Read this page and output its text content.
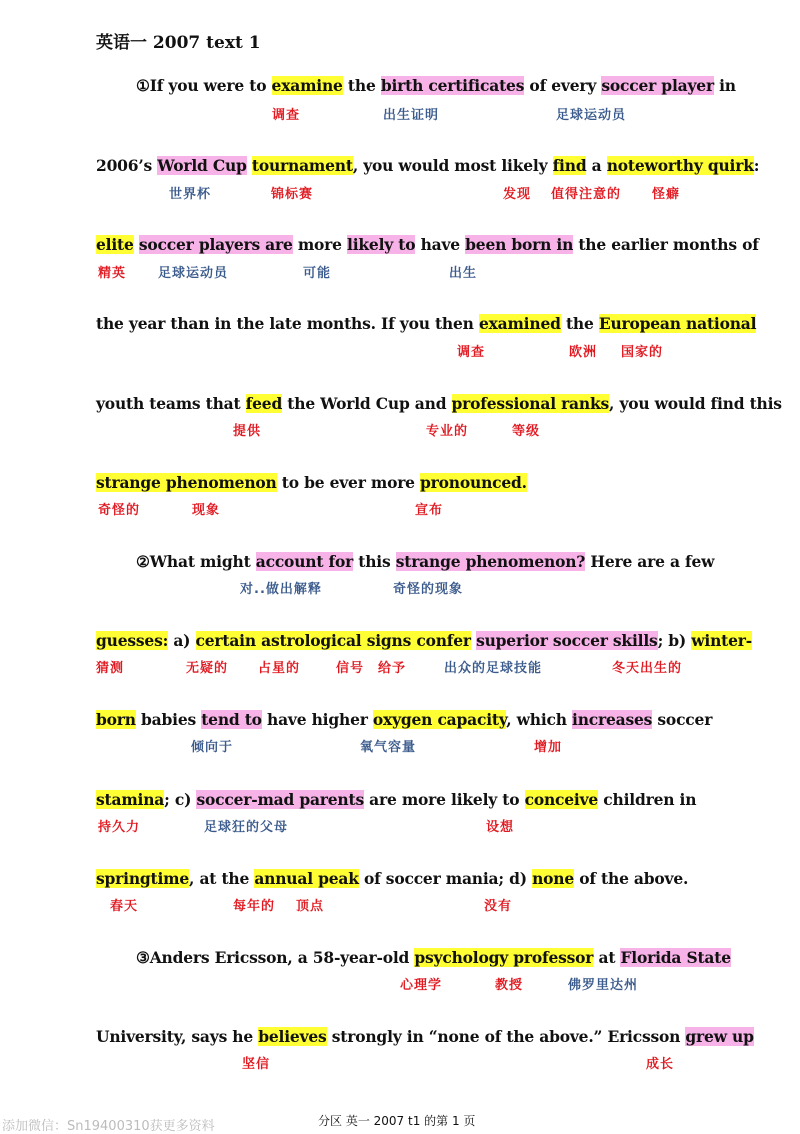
英语一 2007 text 1
①If you were to examine the birth certificates of every soccer player in
2006’s World Cup tournament, you would most likely find a noteworthy quirk:
elite soccer players are more likely to have been born in the earlier months of
the year than in the late months. If you then examined the European national
youth teams that feed the World Cup and professional ranks, you would find this
strange phenomenon to be ever more pronounced.
②What might account for this strange phenomenon? Here are a few
guesses: a) certain astrological signs confer superior soccer skills; b) winter-
born babies tend to have higher oxygen capacity, which increases soccer
stamina; c) soccer-mad parents are more likely to conceive children in
springtime, at the annual peak of soccer mania; d) none of the above.
③Anders Ericsson, a 58-year-old psychology professor at Florida State
University, says he believes strongly in “none of the above.” Ericsson grew up
调查	出生证明	足球运动员
世界杯	锦标赛	发现 值得注意的 怪癖
精英 足球运动员	可能	出生
调查	欧洲 国家的
提供	专业的	等级
奇怪的	现象	宣布
对..做出解释	奇怪的现象
猜测	无疑的 占星的	信号 给予	出众的足球技能	冬天出生的
倾向于	氧气容量	增加
持久力	足球狂的父母	设想
春天	每年的 顶点	没有
心理学	教授	佛罗里达州
坚信	成长
分区 英一 2007 t1 的第 1 页
添加微信：Sn19400310获更多资料
